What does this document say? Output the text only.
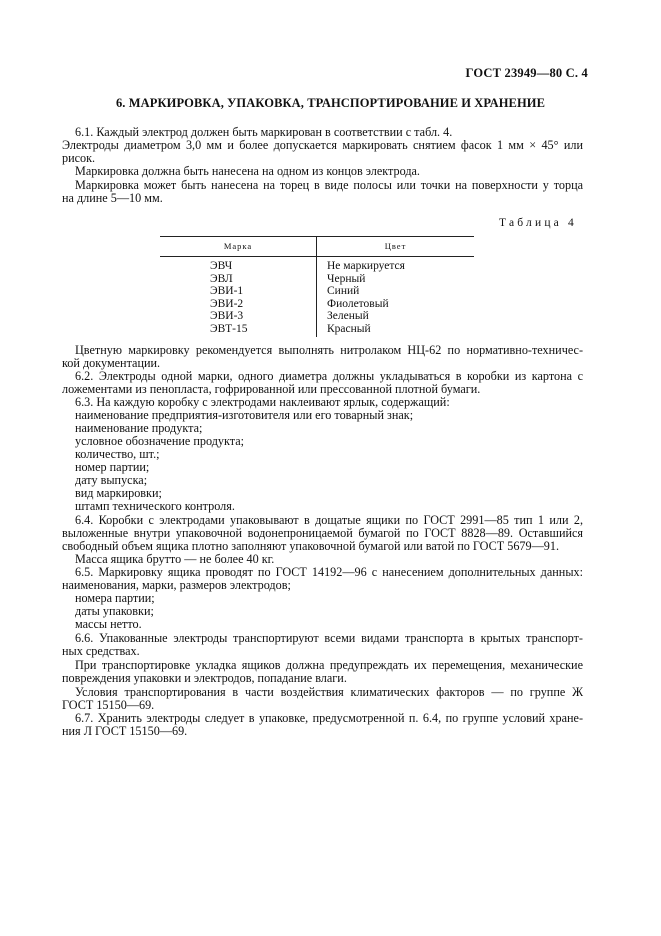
ГОСТ 23949—80 С. 4
6. МАРКИРОВКА, УПАКОВКА, ТРАНСПОРТИРОВАНИЕ И ХРАНЕНИЕ
6.1. Каждый электрод должен быть маркирован в соответствии с табл. 4.
Электроды диаметром 3,0 мм и более допускается маркировать снятием фасок 1 мм × 45° или
рисок.
Маркировка должна быть нанесена на одном из концов электрода.
Маркировка может быть нанесена на торец в виде полосы или точки на поверхности у торца
на длине 5—10 мм.
Таблица 4
Марка	Цвет
ЭВЧ
ЭВЛ
ЭВИ-1
ЭВИ-2
ЭВИ-3
ЭВТ-15
Не маркируется
Черный
Синий
Фиолетовый
Зеленый
Красный
Цветную маркировку рекомендуется выполнять нитролаком НЦ-62 по нормативно-техничес-
кой документации.
6.2. Электроды одной марки, одного диаметра должны укладываться в коробки из картона с
ложементами из пенопласта, гофрированной или прессованной плотной бумаги.
6.3. На каждую коробку с электродами наклеивают ярлык, содержащий:
наименование предприятия-изготовителя или его товарный знак;
наименование продукта;
условное обозначение продукта;
количество, шт.;
номер партии;
дату выпуска;
вид маркировки;
штамп технического контроля.
6.4. Коробки с электродами упаковывают в дощатые ящики по ГОСТ 2991—85 тип 1 или 2,
выложенные внутри упаковочной водонепроницаемой бумагой по ГОСТ 8828—89. Оставшийся
свободный объем ящика плотно заполняют упаковочной бумагой или ватой по ГОСТ 5679—91.
Масса ящика брутто — не более 40 кг.
6.5. Маркировку ящика проводят по ГОСТ 14192—96 с нанесением дополнительных данных:
наименования, марки, размеров электродов;
номера партии;
даты упаковки;
массы нетто.
6.6. Упакованные электроды транспортируют всеми видами транспорта в крытых транспорт-
ных средствах.
При транспортировке укладка ящиков должна предупреждать их перемещения, механические
повреждения упаковки и электродов, попадание влаги.
Условия транспортирования в части воздействия климатических факторов — по группе Ж
ГОСТ 15150—69.
6.7. Хранить электроды следует в упаковке, предусмотренной п. 6.4, по группе условий хране-
ния Л ГОСТ 15150—69.
